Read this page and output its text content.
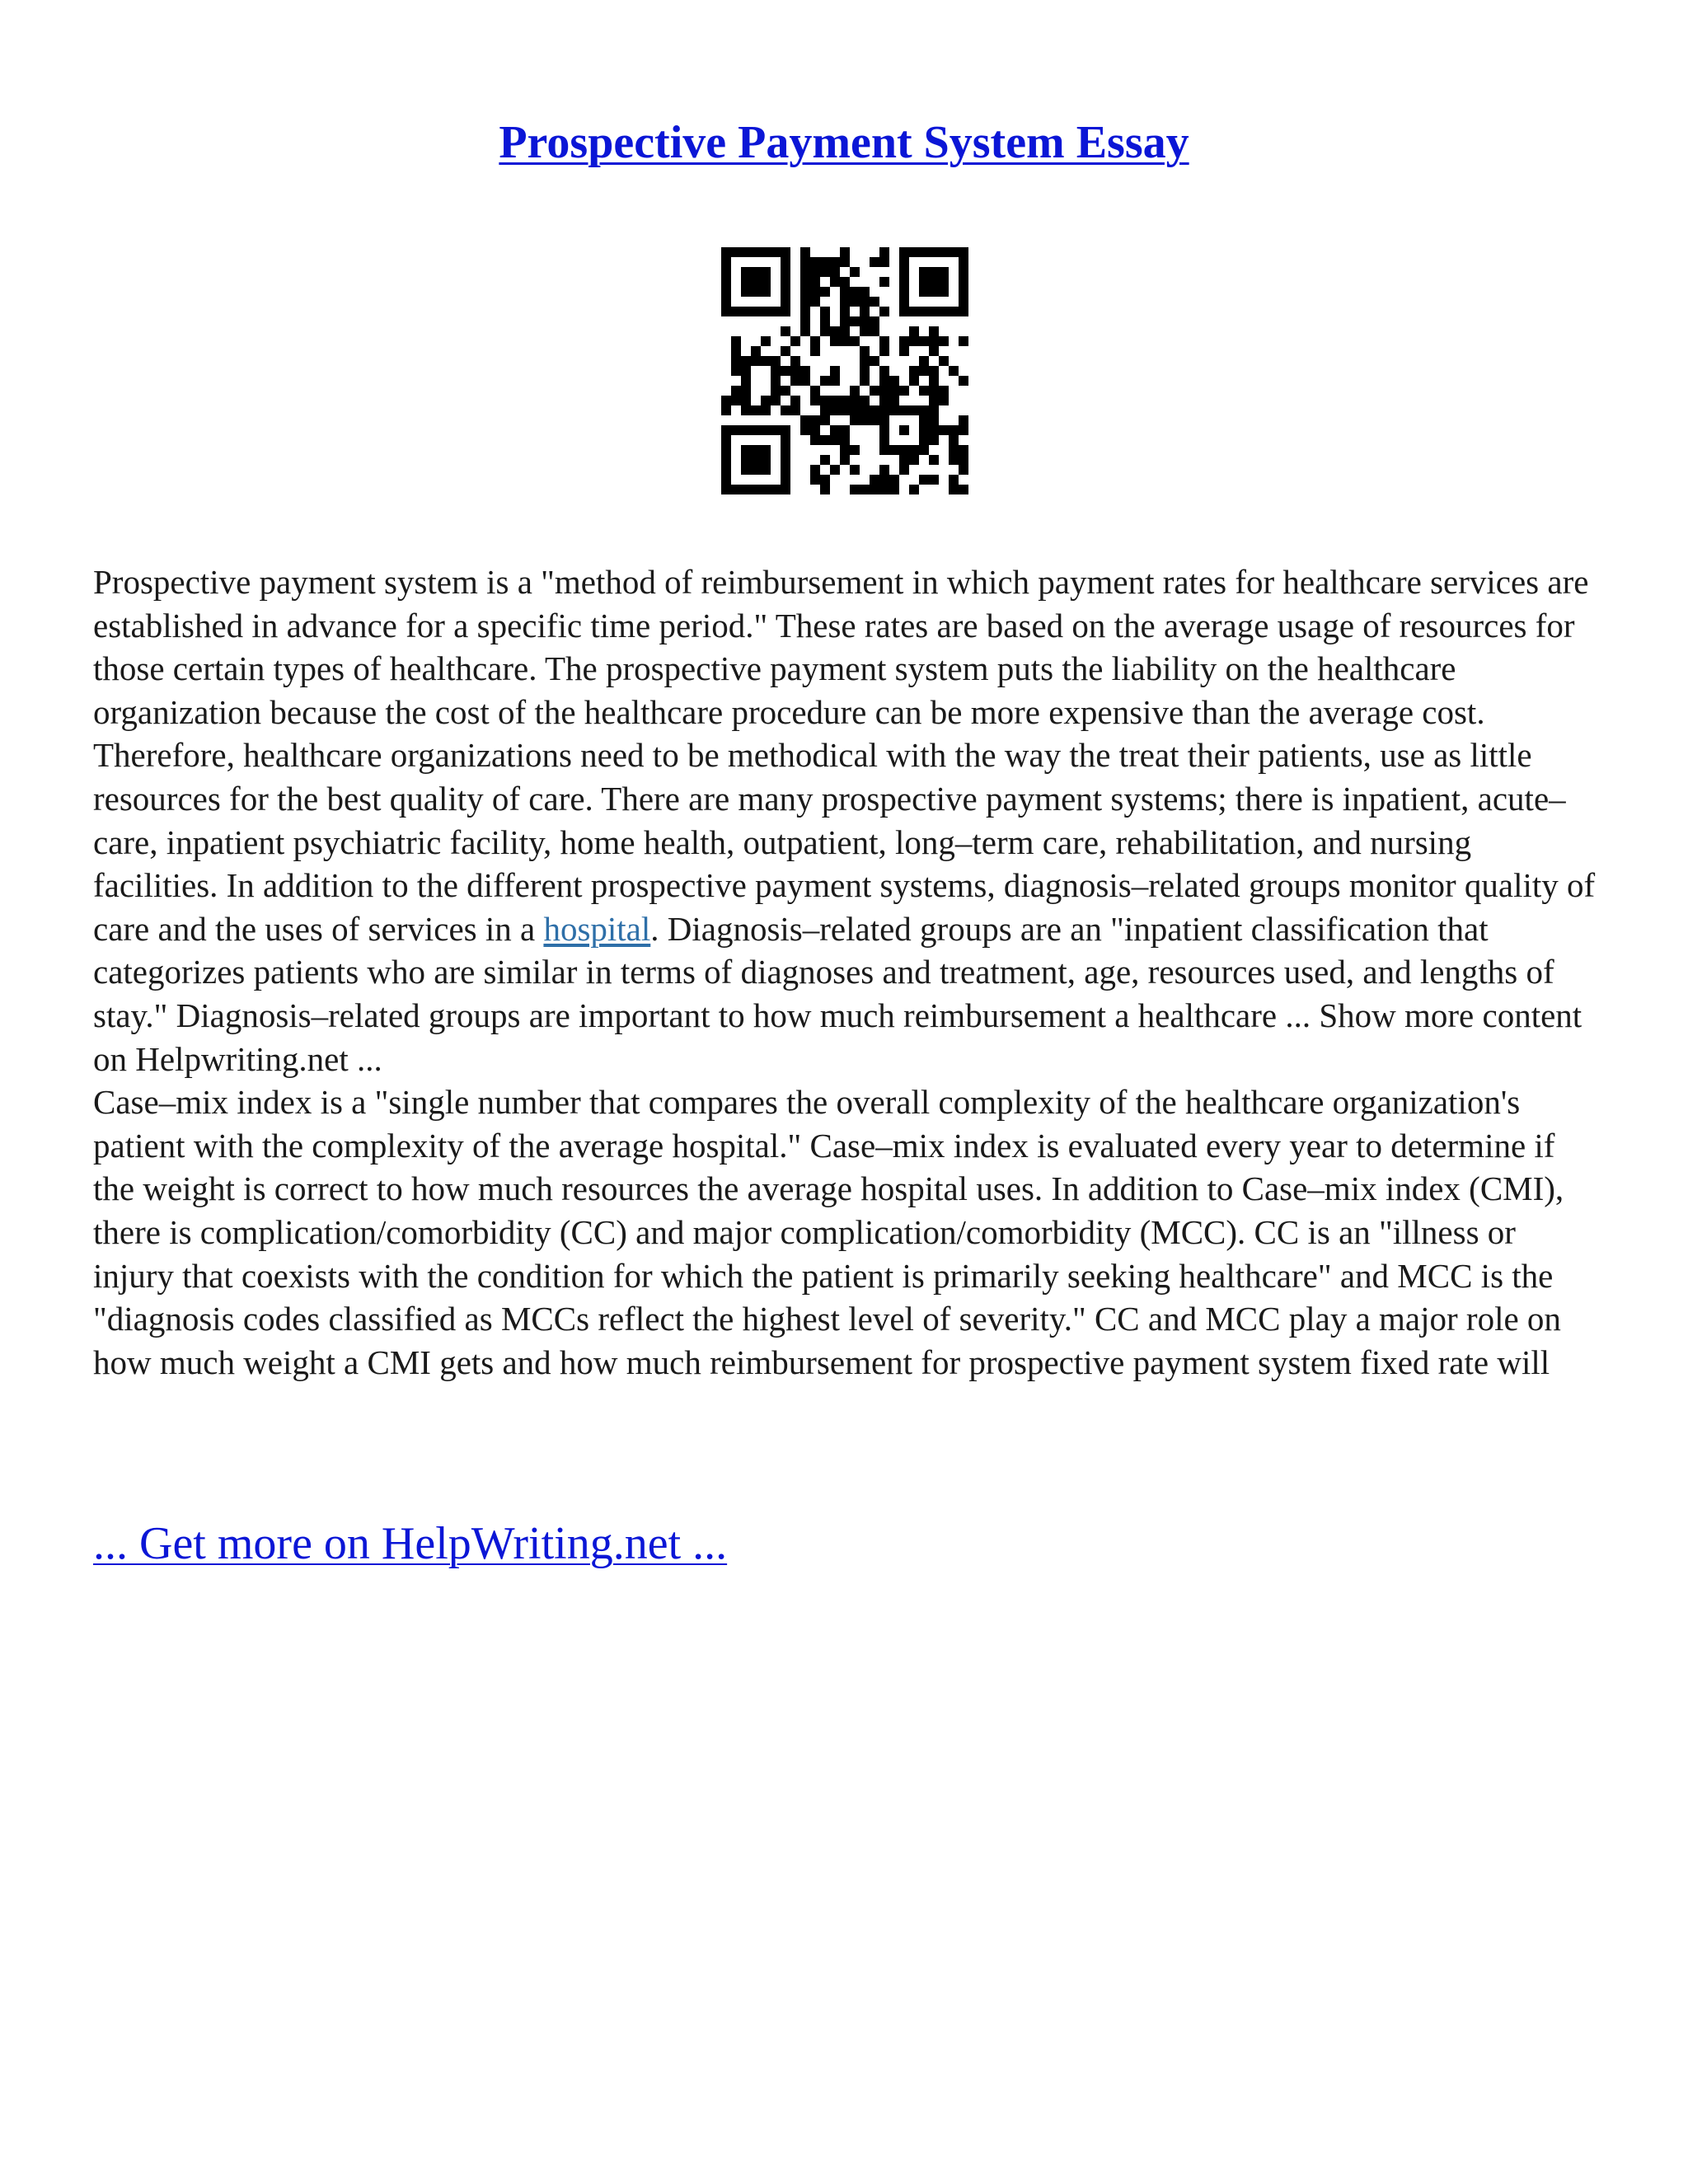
Prospective Payment System Essay

Prospective payment system is a "method of reimbursement in which payment rates for healthcare services are established in advance for a specific time period." These rates are based on the average usage of resources for those certain types of healthcare. The prospective payment system puts the liability on the healthcare organization because the cost of the healthcare procedure can be more expensive than the average cost. Therefore, healthcare organizations need to be methodical with the way the treat their patients, use as little resources for the best quality of care. There are many prospective payment systems; there is inpatient, acute–care, inpatient psychiatric facility, home health, outpatient, long–term care, rehabilitation, and nursing facilities. In addition to the different prospective payment systems, diagnosis–related groups monitor quality of care and the uses of services in a hospital. Diagnosis–related groups are an "inpatient classification that categorizes patients who are similar in terms of diagnoses and treatment, age, resources used, and lengths of stay." Diagnosis–related groups are important to how much reimbursement a healthcare ... Show more content on Helpwriting.net ...

Case–mix index is a "single number that compares the overall complexity of the healthcare organization's patient with the complexity of the average hospital." Case–mix index is evaluated every year to determine if the weight is correct to how much resources the average hospital uses. In addition to Case–mix index (CMI), there is complication/comorbidity (CC) and major complication/comorbidity (MCC). CC is an "illness or injury that coexists with the condition for which the patient is primarily seeking healthcare" and MCC is the "diagnosis codes classified as MCCs reflect the highest level of severity." CC and MCC play a major role on how much weight a CMI gets and how much reimbursement for prospective payment system fixed rate will

... Get more on HelpWriting.net ...
